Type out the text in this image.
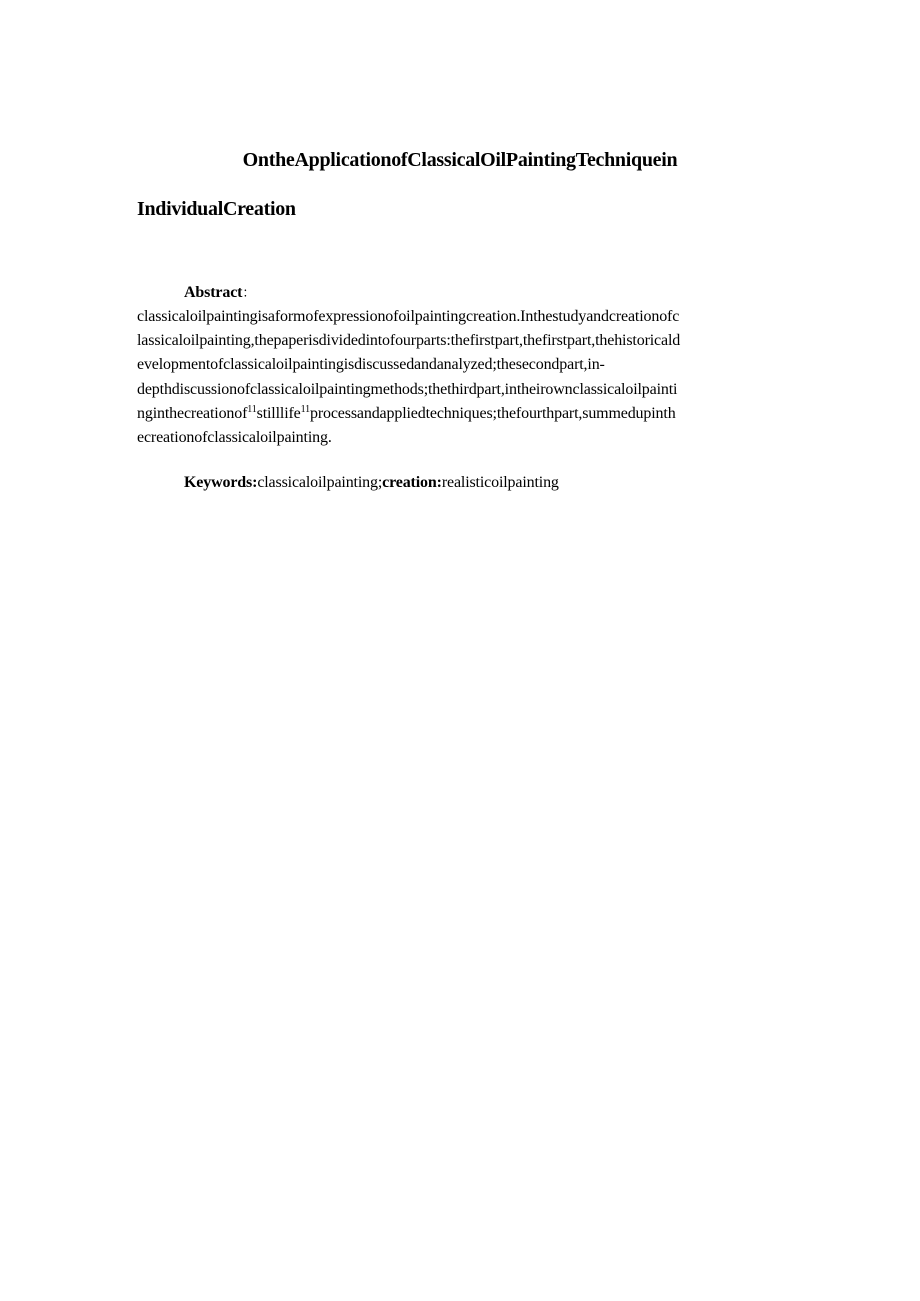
OntheApplicationofClassicalOilPaintingTechniquein
IndividualCreation
Abstract：
classicaloilpaintingisaformofexpressionofoilpaintingcreation.Inthestudyandcreationofc
lassicaloilpainting,thepaperisdividedintofourparts:thefirstpart,thefirstpart,thehistoricald
evelopmentofclassicaloilpaintingisdiscussedandanalyzed;thesecondpart,in-
depthdiscussionofclassicaloilpaintingmethods;thethirdpart,intheirownclassicaloilpainti
nginthecreationof$^{11}$stilllife$^{11}$processandappliedtechniques;thefourthpart,summedupinth
ecreationofclassicaloilpainting.
Keywords:classicaloilpainting;creation:realisticoilpainting
